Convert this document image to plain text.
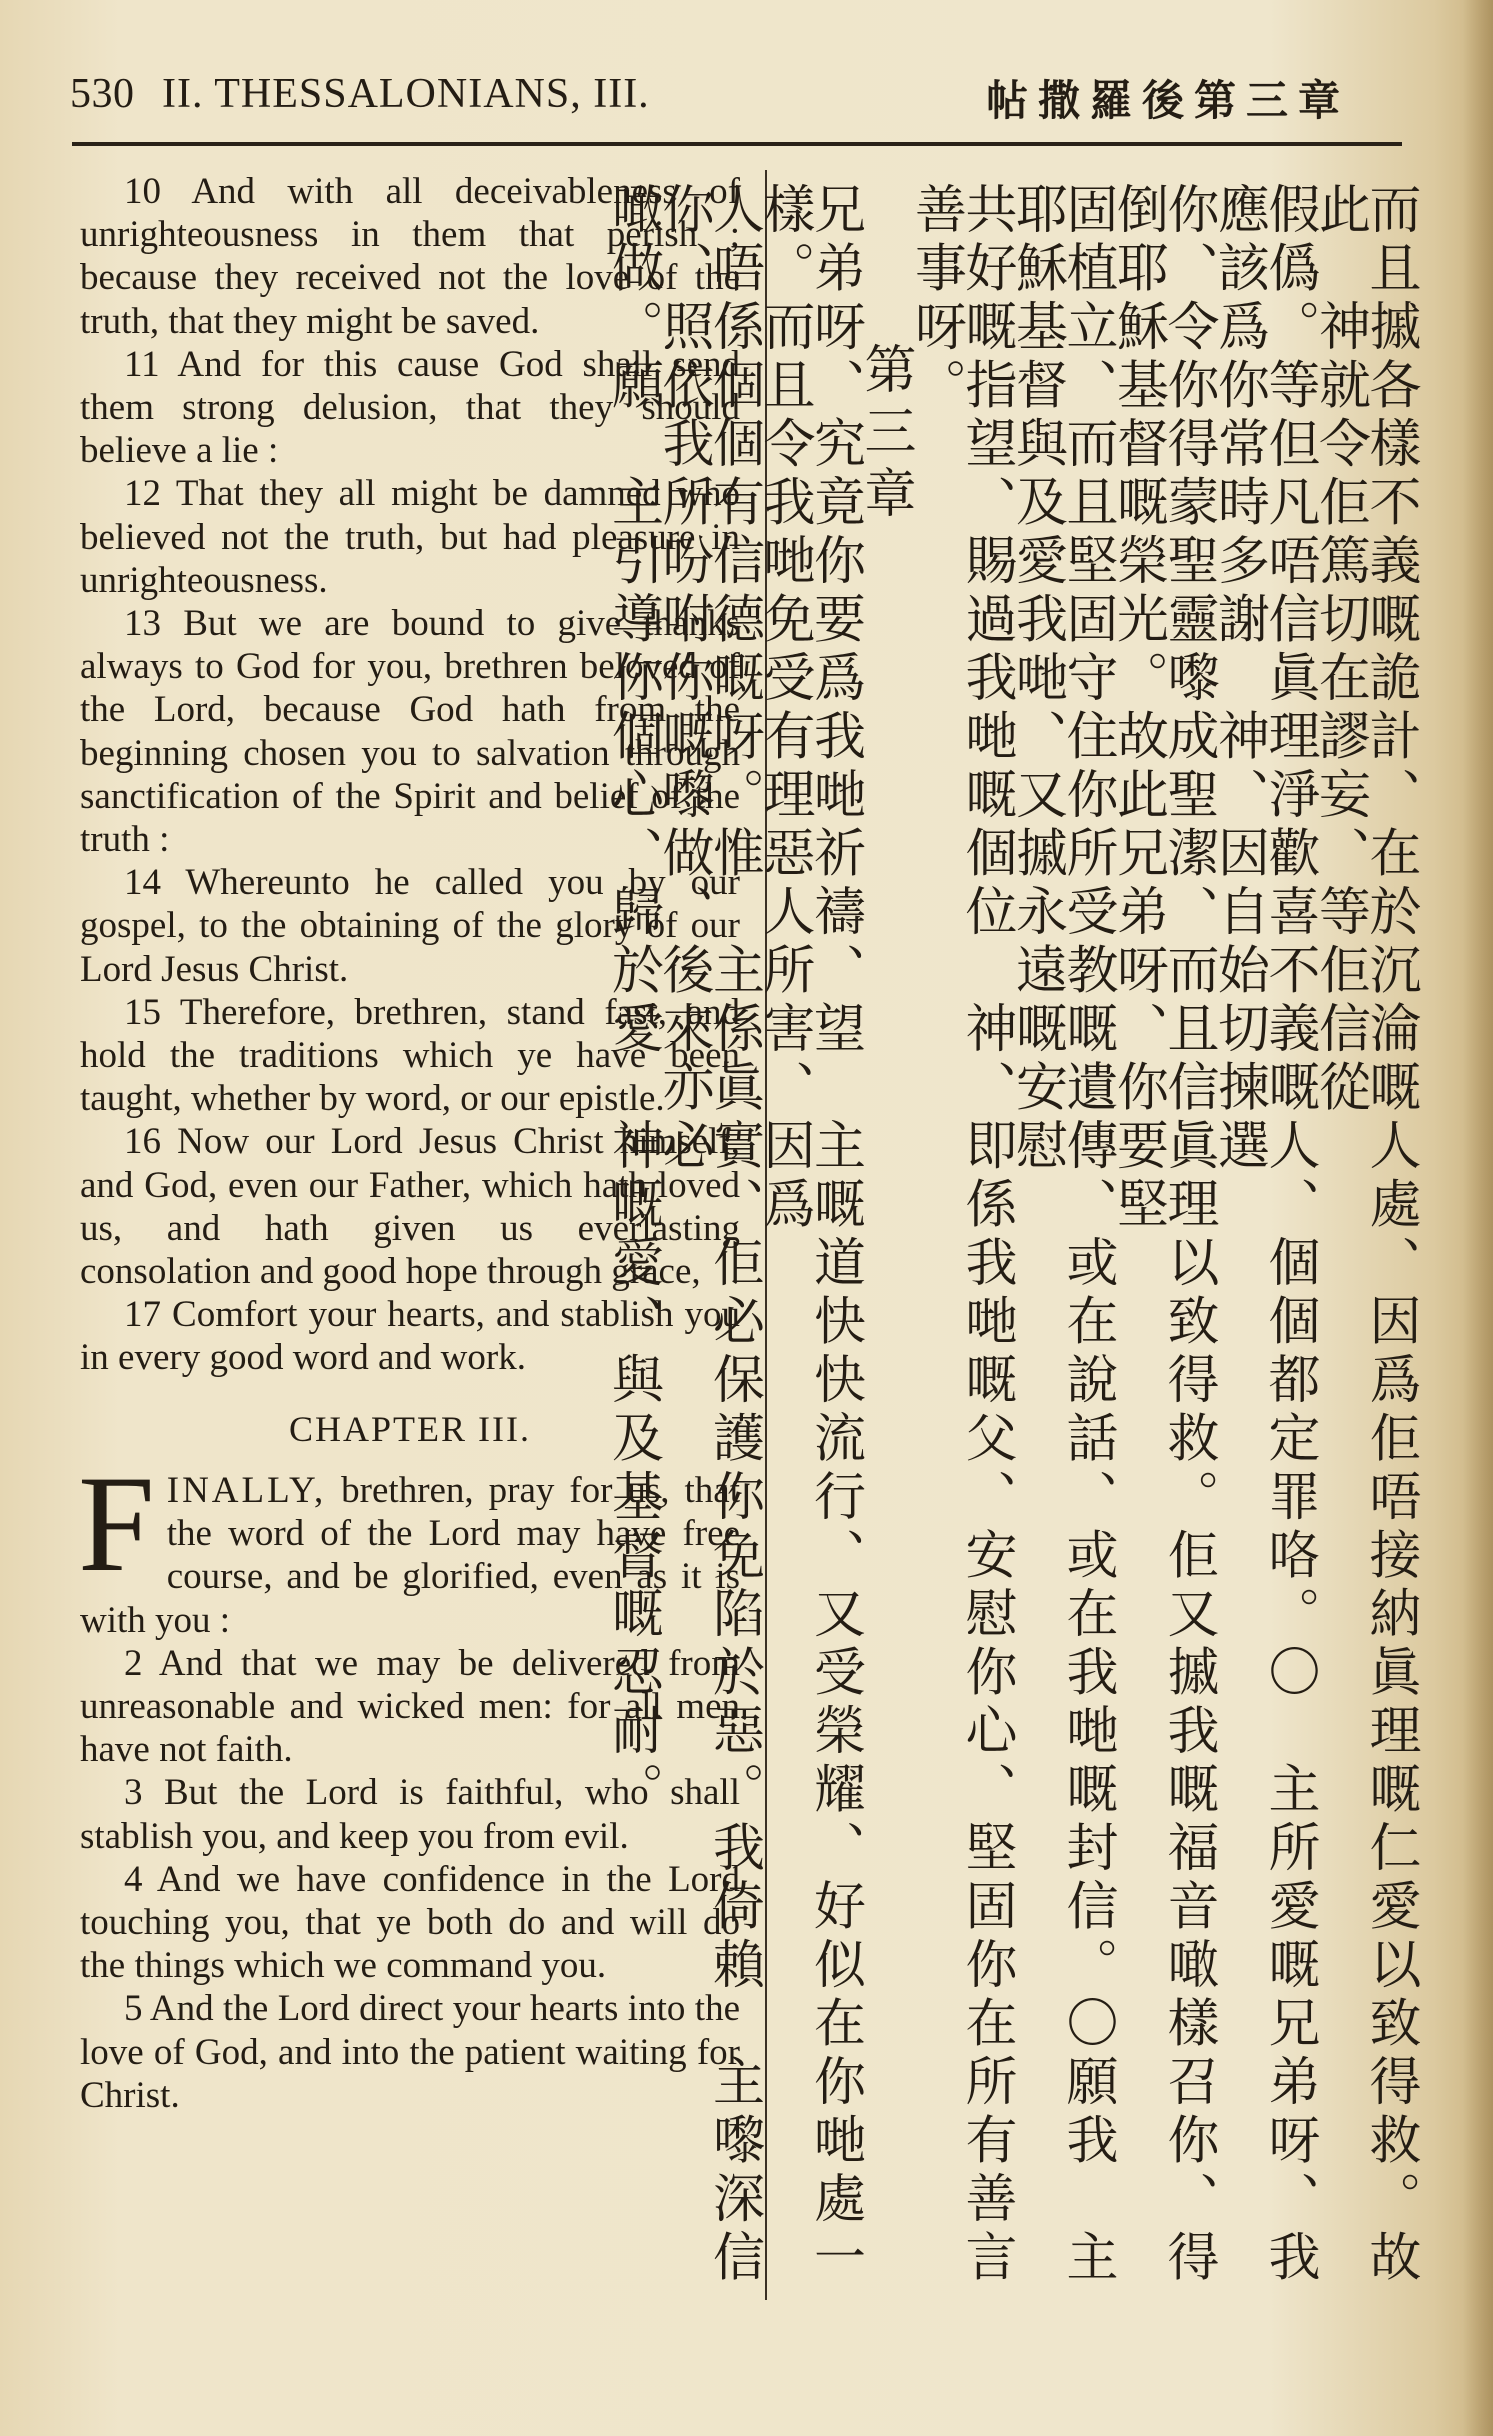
530 II. THESSALONIANS, III.	帖撒羅後第三章

10 And with all deceivableness of unrighteousness in them that perish ; because they received not the love of the truth, that they might be saved.

11 And for this cause God shall send them strong delusion, that they should believe a lie :

12 That they all might be damned who believed not the truth, but had pleasure in unrighteousness.

13 But we are bound to give thanks always to God for you, brethren beloved of the Lord, because God hath from the beginning chosen you to salvation through sanctification of the Spirit and belief of the truth :

14 Whereunto he called you by our gospel, to the obtaining of the glory of our Lord Jesus Christ.

15 Therefore, brethren, stand fast, and hold the traditions which ye have been taught, whether by word, or our epistle.

16 Now our Lord Jesus Christ himself, and God, even our Father, which hath loved us, and hath given us everlasting consolation and good hope through grace,

17 Comfort your hearts, and stablish you in every good word and work.

CHAPTER III.

FINALLY, brethren, pray for us, that the word of the Lord may have free course, and be glorified, even as it is with you :

2 And that we may be delivered from unreasonable and wicked men: for all men have not faith.

3 But the Lord is faithful, who shall stablish you, and keep you from evil.

4 And we have confidence in the Lord touching you, that ye both do and will do the things which we command you.

5 And the Lord direct your hearts into the love of God, and into the patient waiting for Christ.	而且摵各樣不義嘅詭計、在於沉淪嘅人處、因爲佢唔接納眞理嘅仁愛以致得救。故此　神就令佢篤切在謬妄、等佢信從
假僞。等但凡唔信眞理淨歡喜不義嘅人、個個都定罪咯。〇　主所愛嘅兄弟呀、我應該爲你常時多謝　神、因自始切揀選
你、令你得蒙聖靈嚟成聖潔、而且信眞理以致得救。佢又摵我嘅福音噉樣召你、得倒耶穌基督嘅榮光。故此兄弟呀、你要堅
固植立、而且堅固守住你所受教嘅遺傳、或在說話、或在我哋嘅封信。〇願我　主耶穌基督與及愛我哋、又摵永遠嘅安慰
共好嘅指望、賜過我哋嘅個位　神、即係我哋嘅父、安慰你心、堅固你在所有善言善事呀。
第三章
兄弟呀、究竟你要爲我哋祈禱、望　主嘅道快快流行、又受榮耀、好似在你哋處一樣。而且令我哋免受有理惡人所害、因爲
人唔係個個有信德嘅呀。惟　主係眞實、佢必保護你免陷於惡。我倚賴　主嚟深信你、照依我所吩咐你嘅嚟做、後來亦必
噉做。願　主引導你個心、歸於愛　神嘅愛、與及基督嘅忍耐。
